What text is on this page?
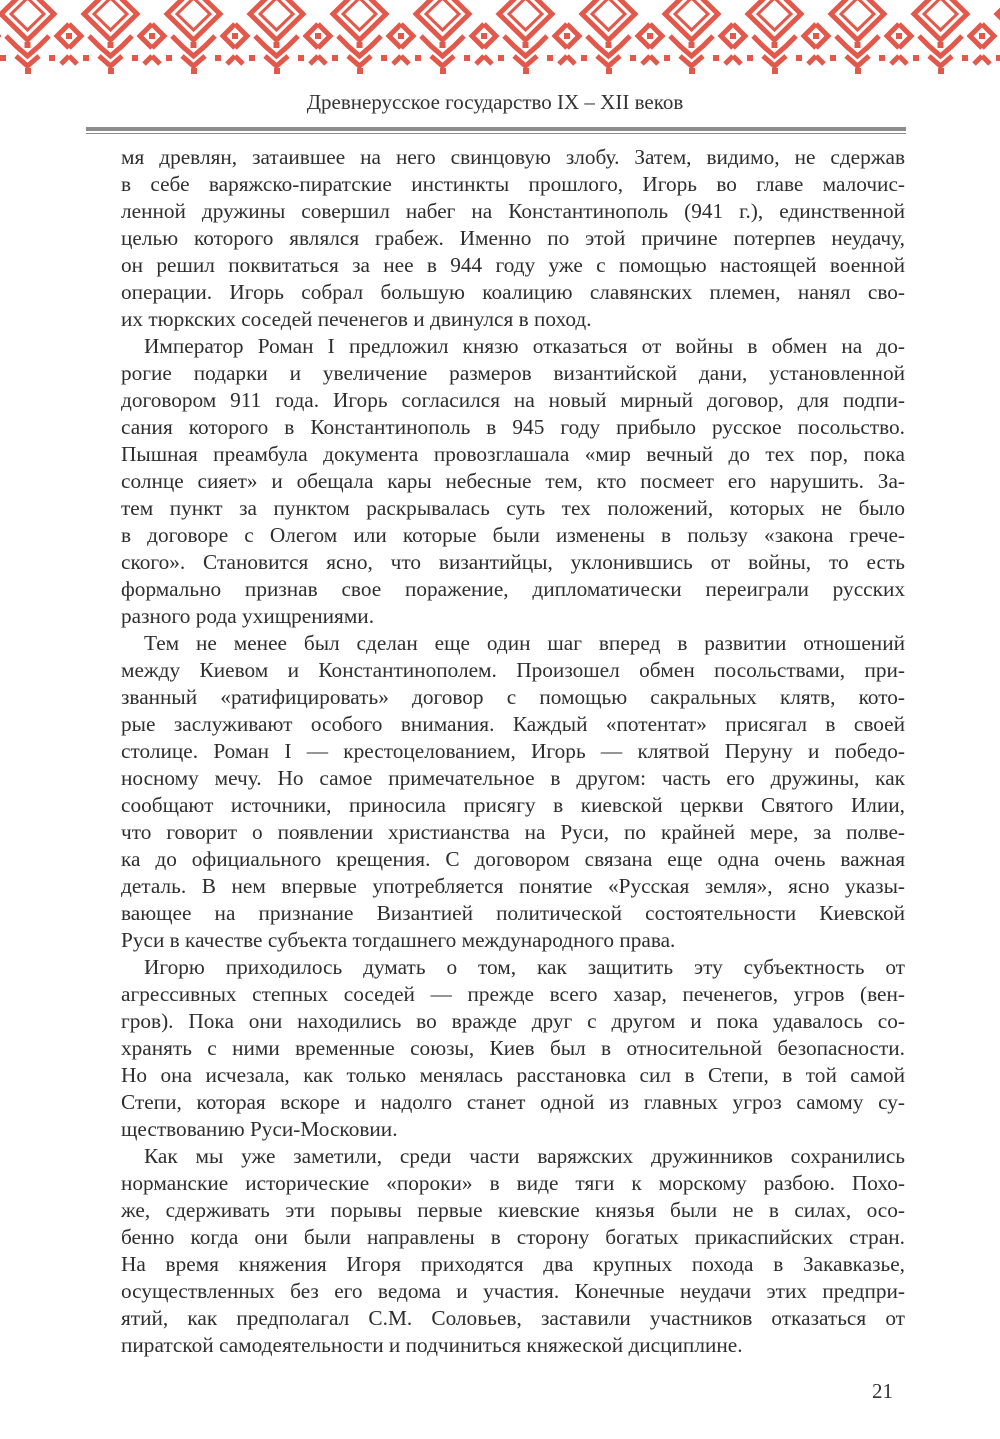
Древнерусское государство IX – XII веков
мя древлян, затаившее на него свинцовую злобу. Затем, видимо, не сдержав
в себе варяжско-пиратские инстинкты прошлого, Игорь во главе малочис-
ленной дружины совершил набег на Константинополь (941 г.), единственной
целью которого являлся грабеж. Именно по этой причине потерпев неудачу,
он решил поквитаться за нее в 944 году уже с помощью настоящей военной
операции. Игорь собрал большую коалицию славянских племен, нанял сво-
их тюркских соседей печенегов и двинулся в поход.
Император Роман I предложил князю отказаться от войны в обмен на до-
рогие подарки и увеличение размеров византийской дани, установленной
договором 911 года. Игорь согласился на новый мирный договор, для подпи-
сания которого в Константинополь в 945 году прибыло русское посольство.
Пышная преамбула документа провозглашала «мир вечный до тех пор, пока
солнце сияет» и обещала кары небесные тем, кто посмеет его нарушить. За-
тем пункт за пунктом раскрывалась суть тех положений, которых не было
в договоре с Олегом или которые были изменены в пользу «закона грече-
ского». Становится ясно, что византийцы, уклонившись от войны, то есть
формально признав свое поражение, дипломатически переиграли русских
разного рода ухищрениями.
Тем не менее был сделан еще один шаг вперед в развитии отношений
между Киевом и Константинополем. Произошел обмен посольствами, при-
званный «ратифицировать» договор с помощью сакральных клятв, кото-
рые заслуживают особого внимания. Каждый «потентат» присягал в своей
столице. Роман I — крестоцелованием, Игорь — клятвой Перуну и победо-
носному мечу. Но самое примечательное в другом: часть его дружины, как
сообщают источники, приносила присягу в киевской церкви Святого Илии,
что говорит о появлении христианства на Руси, по крайней мере, за полве-
ка до официального крещения. С договором связана еще одна очень важная
деталь. В нем впервые употребляется понятие «Русская земля», ясно указы-
вающее на признание Византией политической состоятельности Киевской
Руси в качестве субъекта тогдашнего международного права.
Игорю приходилось думать о том, как защитить эту субъектность от
агрессивных степных соседей — прежде всего хазар, печенегов, угров (вен-
гров). Пока они находились во вражде друг с другом и пока удавалось со-
хранять с ними временные союзы, Киев был в относительной безопасности.
Но она исчезала, как только менялась расстановка сил в Степи, в той самой
Степи, которая вскоре и надолго станет одной из главных угроз самому су-
ществованию Руси-Московии.
Как мы уже заметили, среди части варяжских дружинников сохранились
норманские исторические «пороки» в виде тяги к морскому разбою. Похо-
же, сдерживать эти порывы первые киевские князья были не в силах, осо-
бенно когда они были направлены в сторону богатых прикаспийских стран.
На время княжения Игоря приходятся два крупных похода в Закавказье,
осуществленных без его ведома и участия. Конечные неудачи этих предпри-
ятий, как предполагал С.М. Соловьев, заставили участников отказаться от
пиратской самодеятельности и подчиниться княжеской дисциплине.
21
